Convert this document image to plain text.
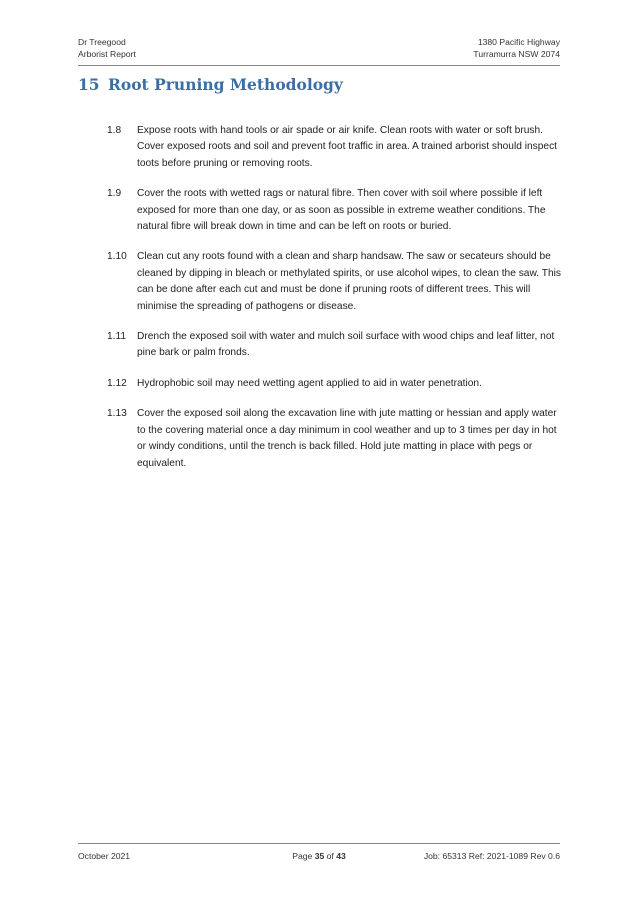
Dr Treegood
Arborist Report
1380 Pacific Highway
Turramurra NSW 2074
15 Root Pruning Methodology
1.8 Expose roots with hand tools or air spade or air knife. Clean roots with water or soft brush. Cover exposed roots and soil and prevent foot traffic in area. A trained arborist should inspect toots before pruning or removing roots.
1.9 Cover the roots with wetted rags or natural fibre. Then cover with soil where possible if left exposed for more than one day, or as soon as possible in extreme weather conditions. The natural fibre will break down in time and can be left on roots or buried.
1.10 Clean cut any roots found with a clean and sharp handsaw. The saw or secateurs should be cleaned by dipping in bleach or methylated spirits, or use alcohol wipes, to clean the saw. This can be done after each cut and must be done if pruning roots of different trees. This will minimise the spreading of pathogens or disease.
1.11 Drench the exposed soil with water and mulch soil surface with wood chips and leaf litter, not pine bark or palm fronds.
1.12 Hydrophobic soil may need wetting agent applied to aid in water penetration.
1.13 Cover the exposed soil along the excavation line with jute matting or hessian and apply water to the covering material once a day minimum in cool weather and up to 3 times per day in hot or windy conditions, until the trench is back filled. Hold jute matting in place with pegs or equivalent.
October 2021	Page 35 of 43	Job: 65313 Ref: 2021-1089 Rev 0.6
